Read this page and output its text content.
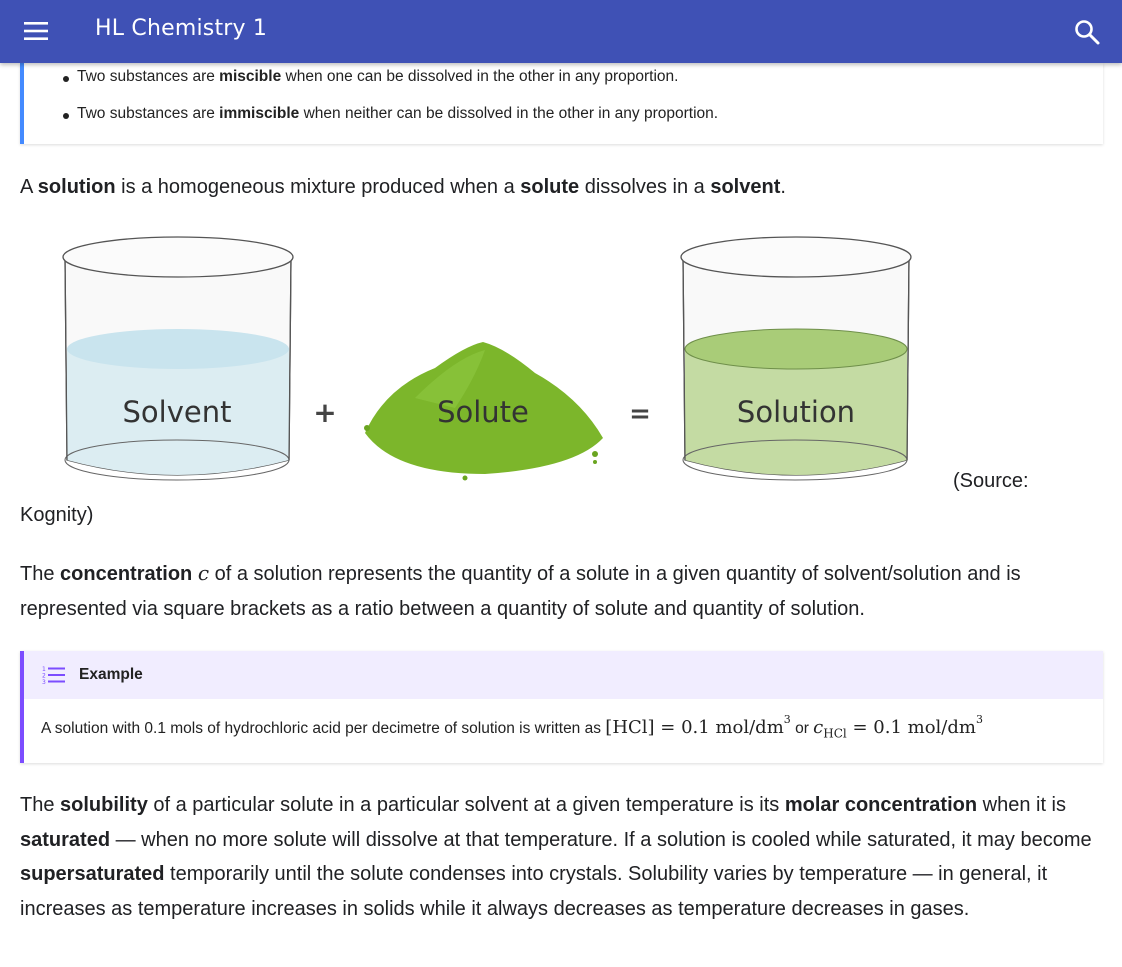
HL Chemistry 1
Two substances are miscible when one can be dissolved in the other in any proportion.
Two substances are immiscible when neither can be dissolved in the other in any proportion.
A solution is a homogeneous mixture produced when a solute dissolves in a solvent.
Solvent	+	Solute	=	Solution
(Source:
Kognity)
The concentration c of a solution represents the quantity of a solute in a given quantity of solvent/solution and is represented via square brackets as a ratio between a quantity of solute and quantity of solution.
1
2
3 Example
A solution with 0.1 mols of hydrochloric acid per decimetre of solution is written as [HCl] = 0.1 mol/$dm^3$ or $c_{HCl} = 0.1$ mol/$dm^3$
The solubility of a particular solute in a particular solvent at a given temperature is its molar concentration when it is saturated — when no more solute will dissolve at that temperature. If a solution is cooled while saturated, it may become supersaturated temporarily until the solute condenses into crystals. Solubility varies by temperature — in general, it increases as temperature increases in solids while it always decreases as temperature decreases in gases.
